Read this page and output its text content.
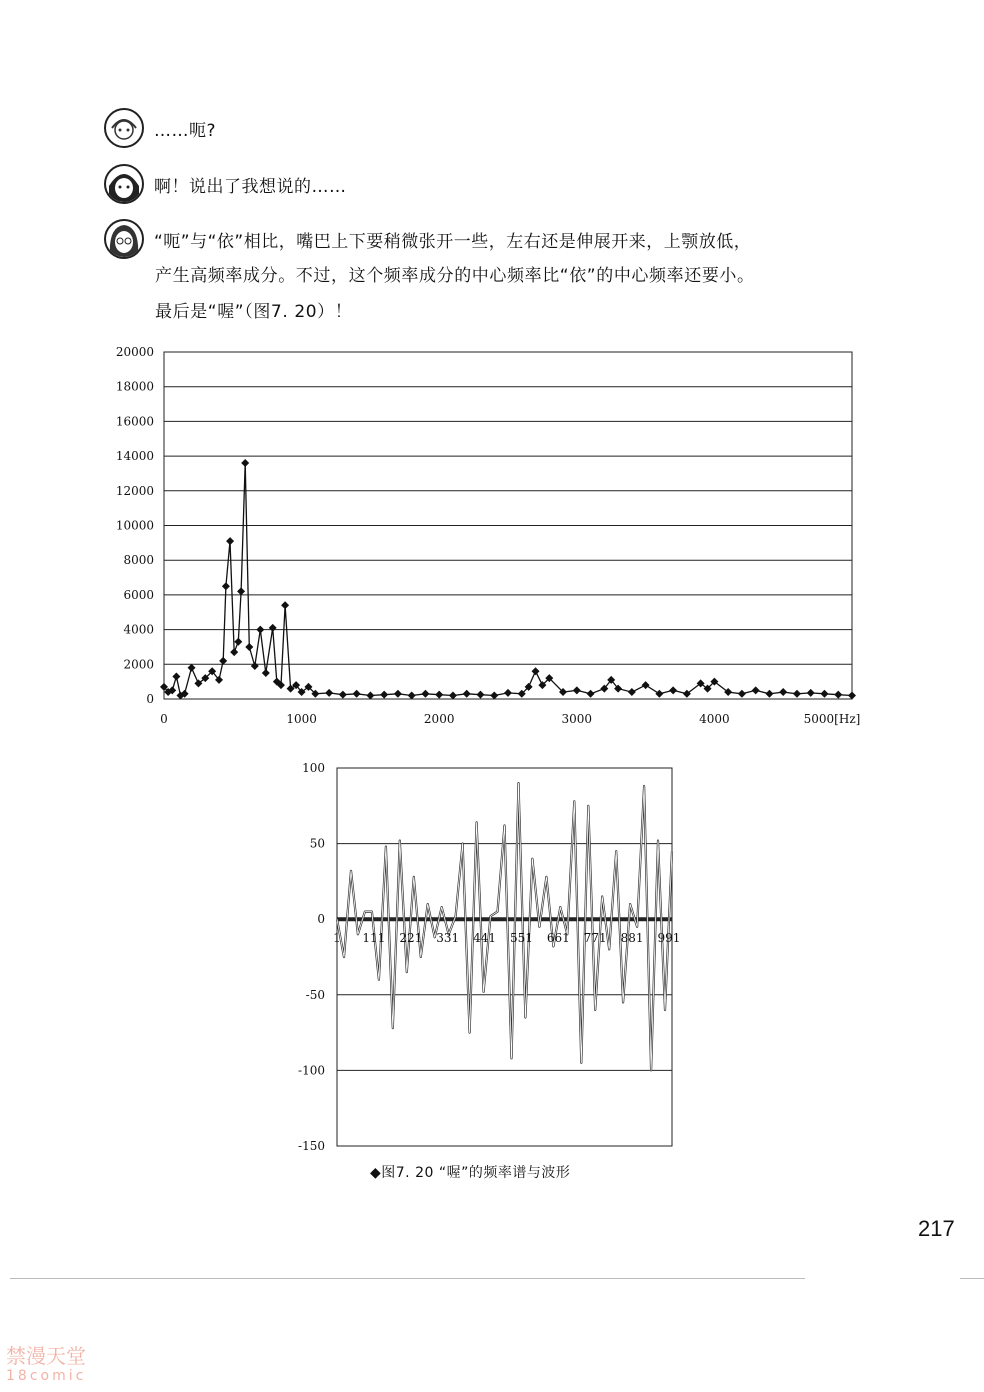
……呃?
啊！说出了我想说的……
“呃”与“依”相比，嘴巴上下要稍微张开一些，左右还是伸展开来，上颚放低，
产生高频率成分。不过，这个频率成分的中心频率比“依”的中心频率还要小。
最后是“喔”（图7. 20）！
20000
18000
16000
14000
12000
10000
8000
6000
4000
2000
0
0	1000	2000	3000	4000	5000[Hz]
100
50
0
-50
-100
-150
1 111 221 331 441 551 661 771 881 991
◆图7. 20 “喔”的频率谱与波形
217
禁漫天堂
18comic
